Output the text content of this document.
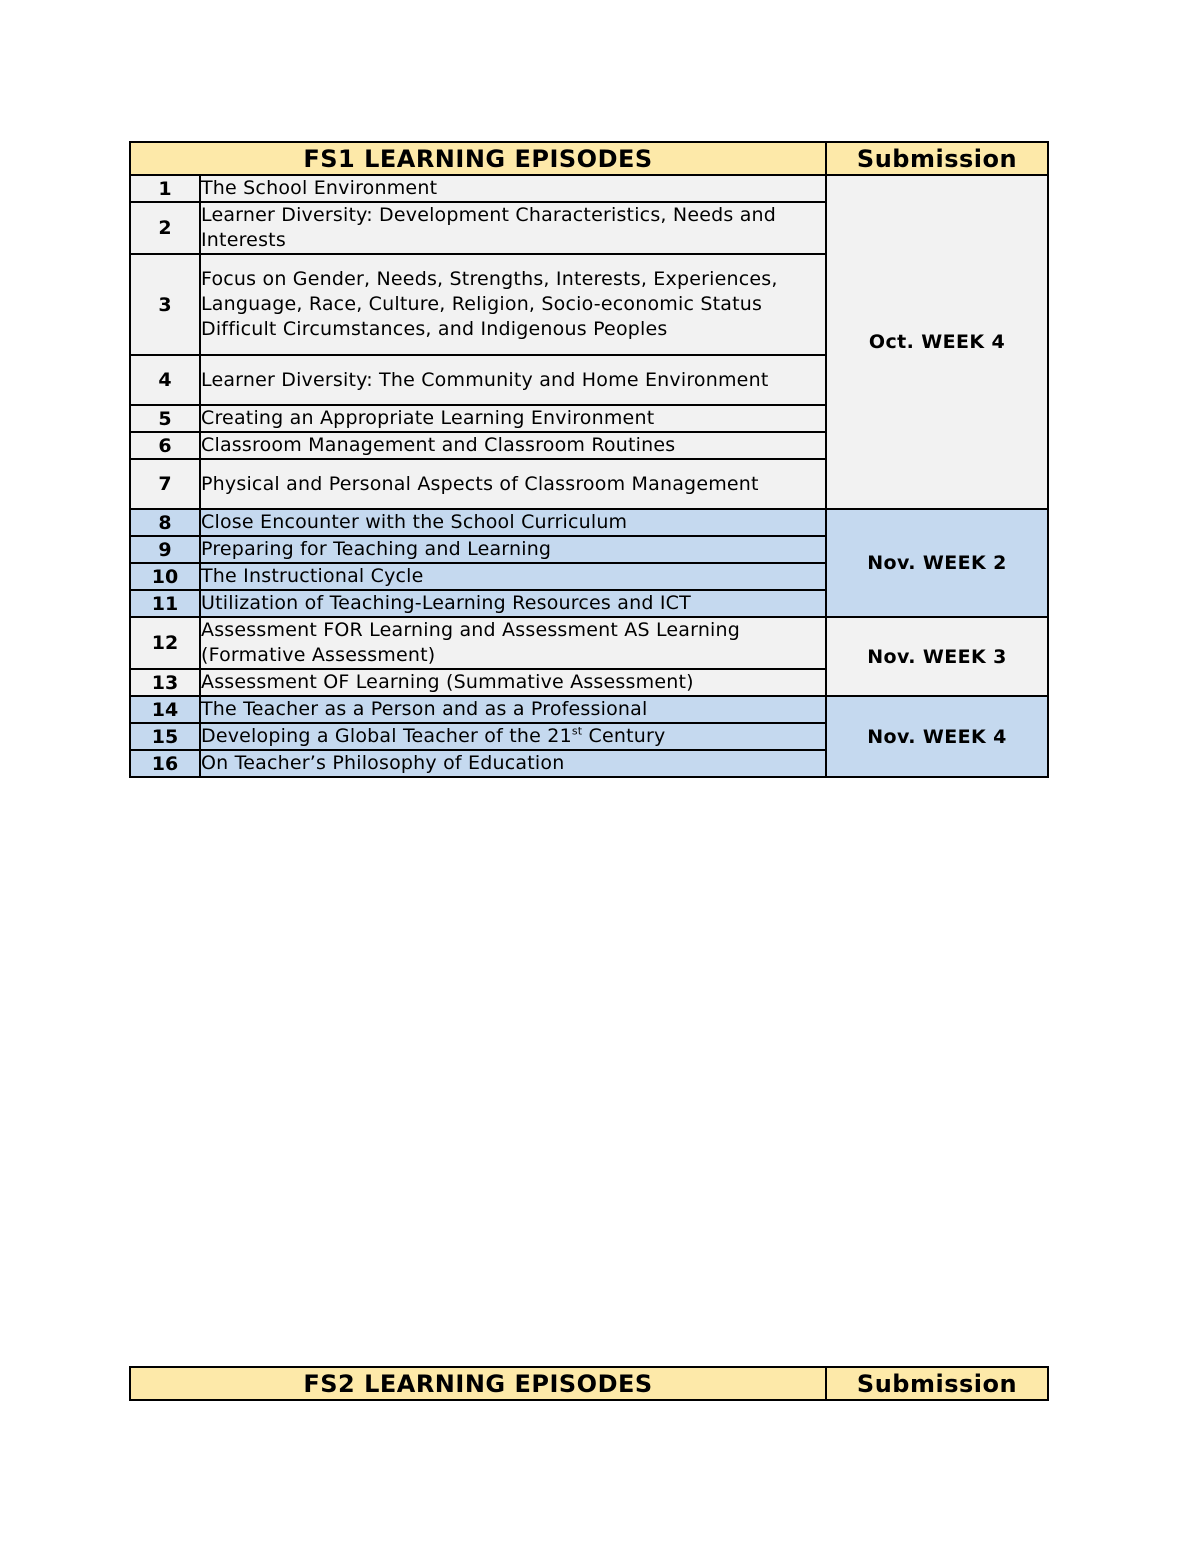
FS1 LEARNING EPISODES		Submission
1	The School Environment	Oct. WEEK 4
2	Learner Diversity: Development Characteristics, Needs and Interests	
3	Focus on Gender, Needs, Strengths, Interests, Experiences, Language, Race, Culture, Religion, Socio-economic Status Difficult Circumstances, and Indigenous Peoples	
4	Learner Diversity: The Community and Home Environment	
5	Creating an Appropriate Learning Environment	
6	Classroom Management and Classroom Routines	
7	Physical and Personal Aspects of Classroom Management	
8	Close Encounter with the School Curriculum	Nov. WEEK 2
9	Preparing for Teaching and Learning	
10	The Instructional Cycle	
11	Utilization of Teaching-Learning Resources and ICT	
12	Assessment FOR Learning and Assessment AS Learning (Formative Assessment)	Nov. WEEK 3
13	Assessment OF Learning (Summative Assessment)	
14	The Teacher as a Person and as a Professional	Nov. WEEK 4
15	Developing a Global Teacher of the 21st Century	
16	On Teacher’s Philosophy of Education	
FS2 LEARNING EPISODES	Submission
